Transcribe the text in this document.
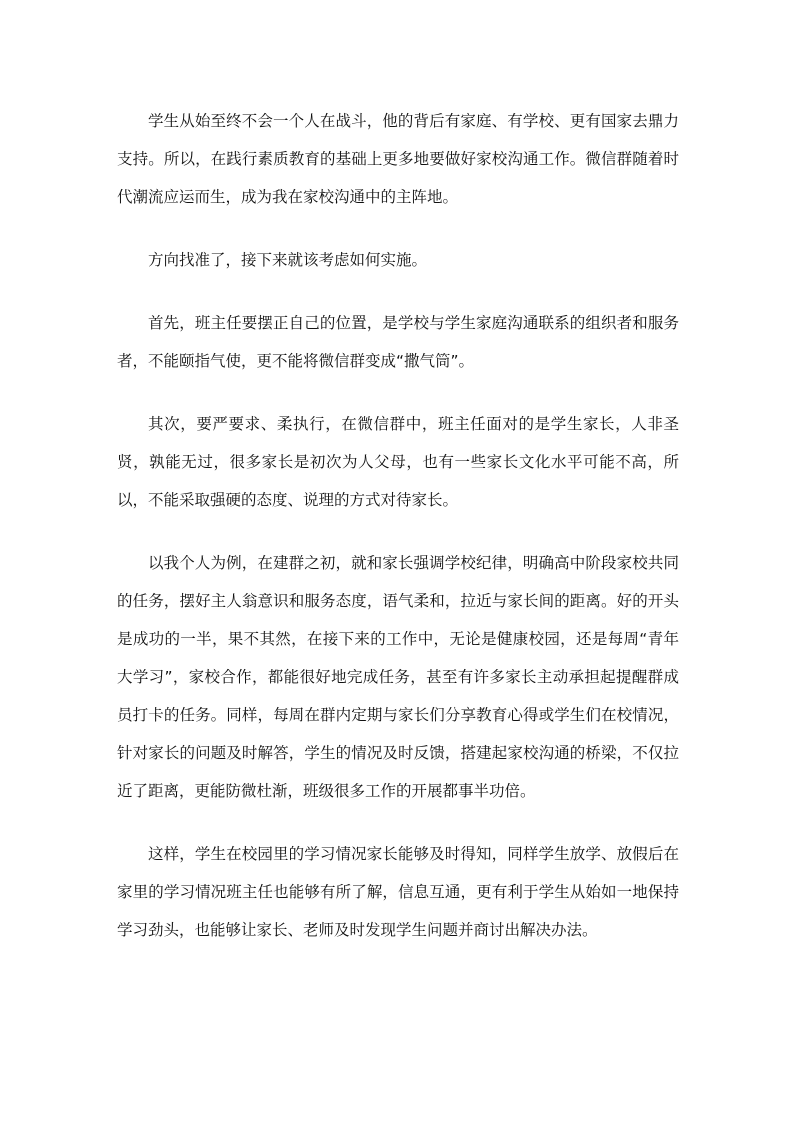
学生从始至终不会一个人在战斗，他的背后有家庭、有学校、更有国家去鼎力支持。所以，在践行素质教育的基础上更多地要做好家校沟通工作。微信群随着时代潮流应运而生，成为我在家校沟通中的主阵地。

方向找准了，接下来就该考虑如何实施。

首先，班主任要摆正自己的位置，是学校与学生家庭沟通联系的组织者和服务者，不能颐指气使，更不能将微信群变成“撒气筒”。

其次，要严要求、柔执行，在微信群中，班主任面对的是学生家长，人非圣贤，孰能无过，很多家长是初次为人父母，也有一些家长文化水平可能不高，所以，不能采取强硬的态度、说理的方式对待家长。

以我个人为例，在建群之初，就和家长强调学校纪律，明确高中阶段家校共同的任务，摆好主人翁意识和服务态度，语气柔和，拉近与家长间的距离。好的开头是成功的一半，果不其然，在接下来的工作中，无论是健康校园，还是每周“青年大学习”，家校合作，都能很好地完成任务，甚至有许多家长主动承担起提醒群成员打卡的任务。同样，每周在群内定期与家长们分享教育心得或学生们在校情况，针对家长的问题及时解答，学生的情况及时反馈，搭建起家校沟通的桥梁，不仅拉近了距离，更能防微杜渐，班级很多工作的开展都事半功倍。

这样，学生在校园里的学习情况家长能够及时得知，同样学生放学、放假后在家里的学习情况班主任也能够有所了解，信息互通，更有利于学生从始如一地保持学习劲头，也能够让家长、老师及时发现学生问题并商讨出解决办法。
